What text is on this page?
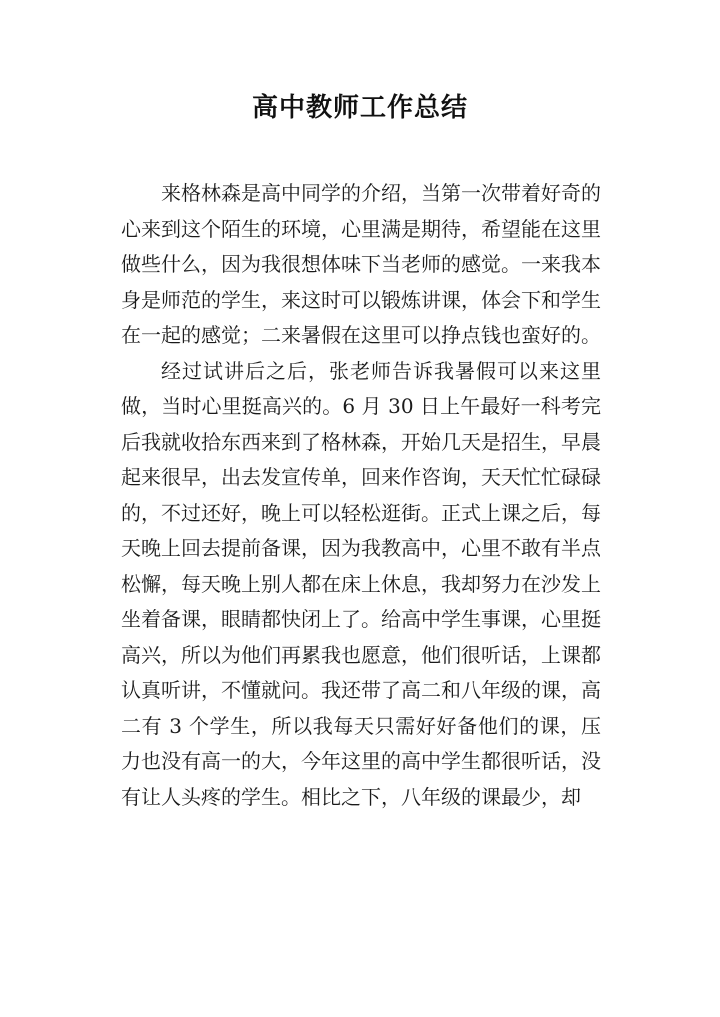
高中教师工作总结

来格林森是高中同学的介绍，当第一次带着好奇的心来到这个陌生的环境，心里满是期待，希望能在这里做些什么，因为我很想体味下当老师的感觉。一来我本身是师范的学生，来这时可以锻炼讲课，体会下和学生在一起的感觉；二来暑假在这里可以挣点钱也蛮好的。

经过试讲后之后，张老师告诉我暑假可以来这里做，当时心里挺高兴的。6 月 30 日上午最好一科考完后我就收拾东西来到了格林森，开始几天是招生，早晨起来很早，出去发宣传单，回来作咨询，天天忙忙碌碌的，不过还好，晚上可以轻松逛街。正式上课之后，每天晚上回去提前备课，因为我教高中，心里不敢有半点松懈，每天晚上别人都在床上休息，我却努力在沙发上坐着备课，眼睛都快闭上了。给高中学生事课，心里挺高兴，所以为他们再累我也愿意，他们很听话，上课都认真听讲，不懂就问。我还带了高二和八年级的课，高二有 3 个学生，所以我每天只需好好备他们的课，压力也没有高一的大，今年这里的高中学生都很听话，没有让人头疼的学生。相比之下，八年级的课最少，却
